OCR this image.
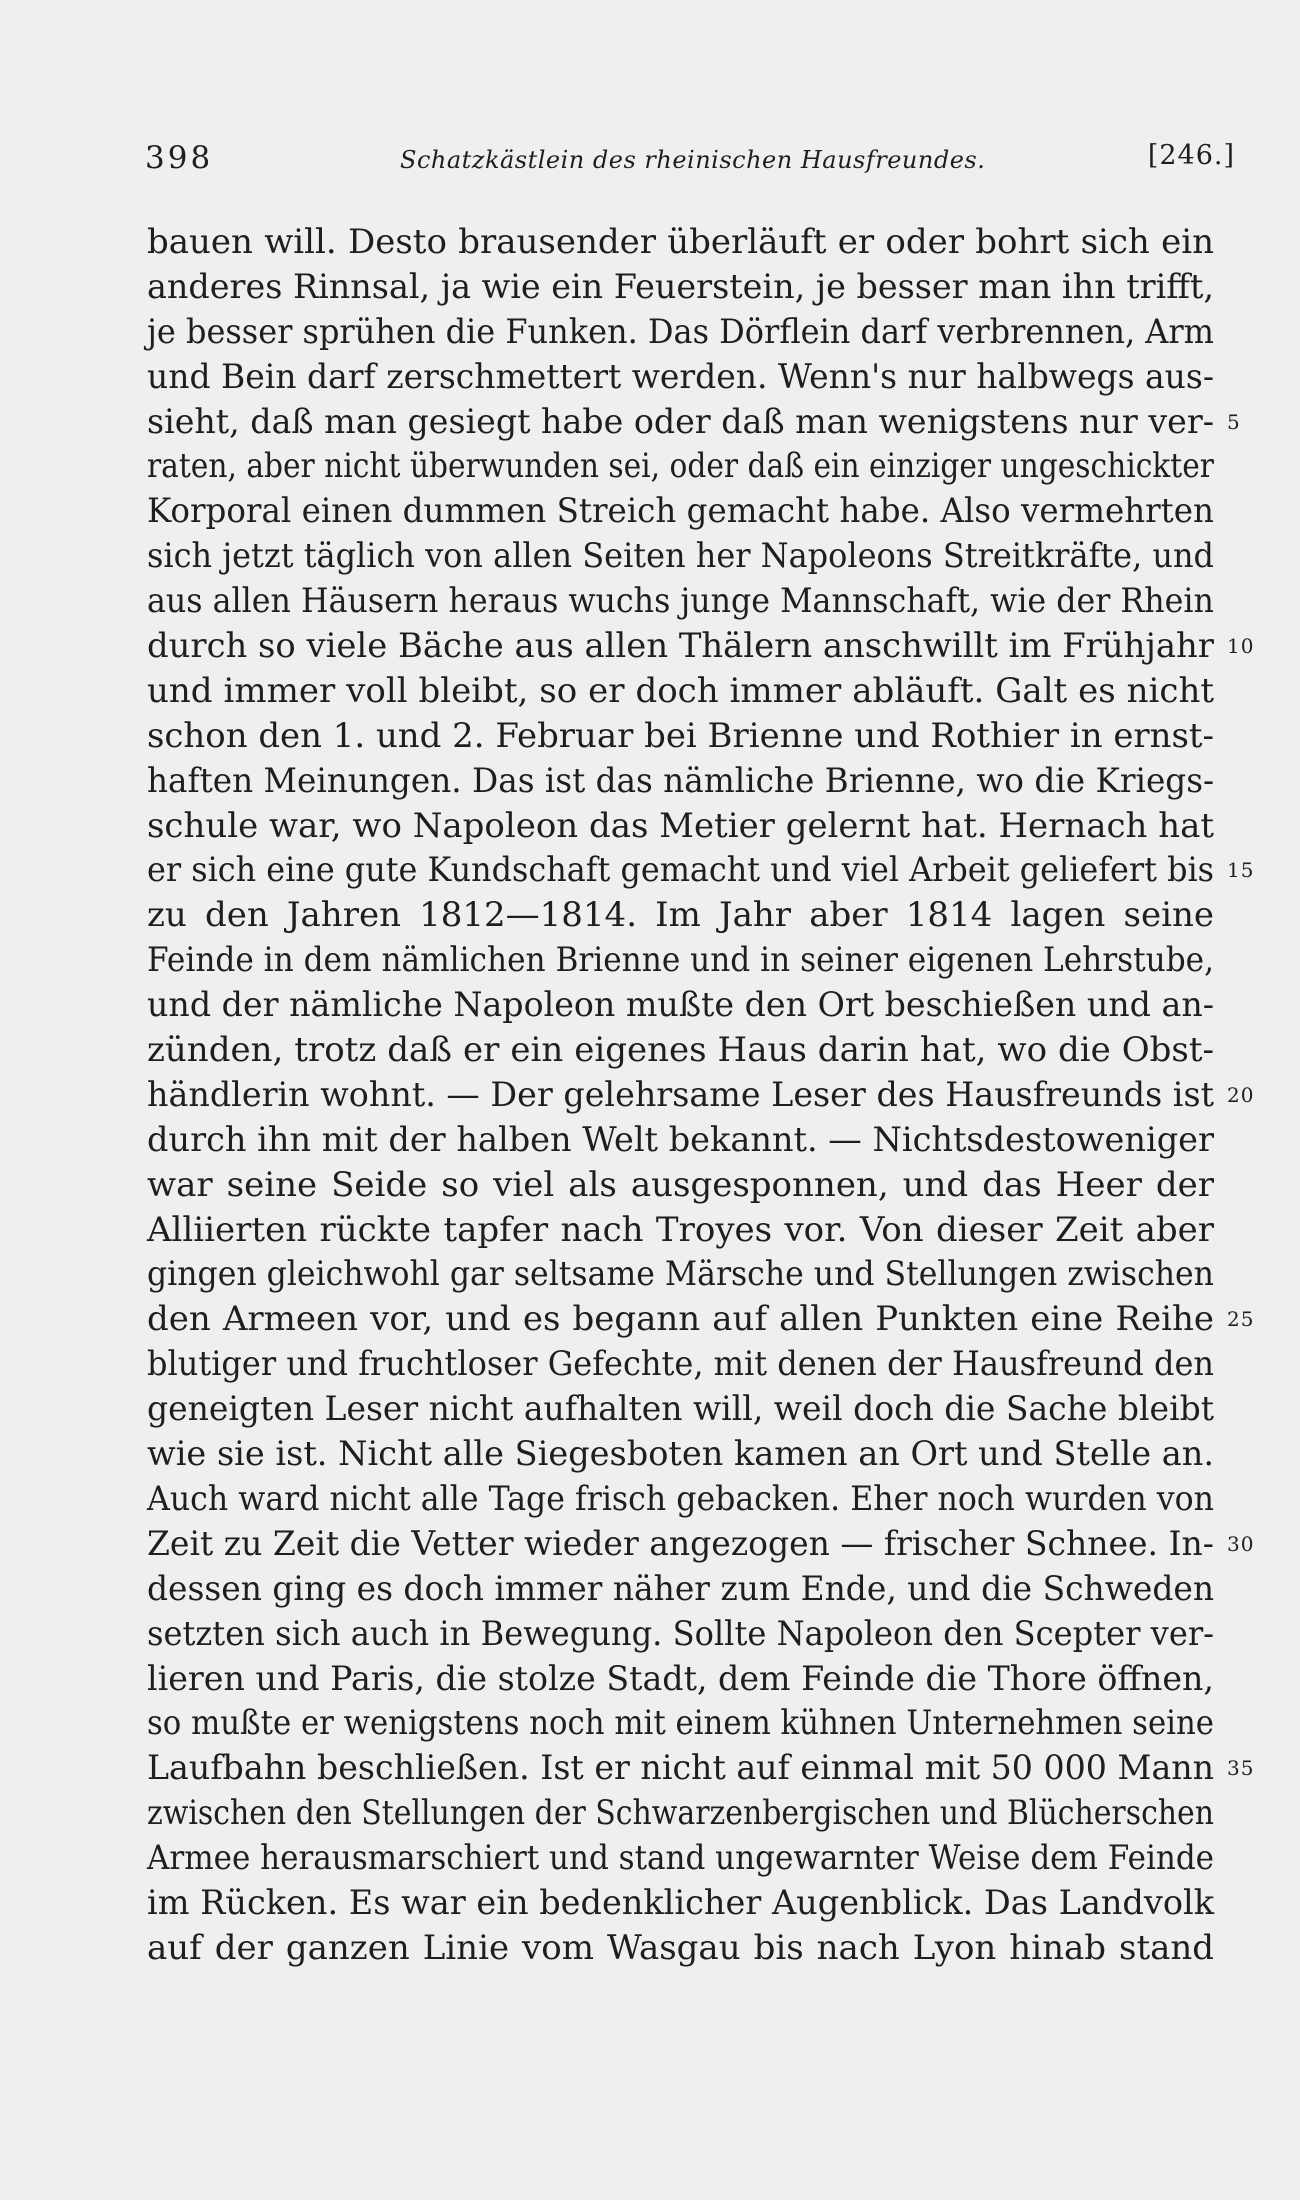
398	Schatzkästlein des rheinischen Hausfreundes.	[246.]
bauen will. Desto brausender überläuft er oder bohrt sich ein
anderes Rinnsal, ja wie ein Feuerstein, je besser man ihn trifft,
je besser sprühen die Funken. Das Dörflein darf verbrennen, Arm
und Bein darf zerschmettert werden. Wenn's nur halbwegs aus-
sieht, daß man gesiegt habe oder daß man wenigstens nur ver- 5
raten, aber nicht überwunden sei, oder daß ein einziger ungeschickter
Korporal einen dummen Streich gemacht habe. Also vermehrten
sich jetzt täglich von allen Seiten her Napoleons Streitkräfte, und
aus allen Häusern heraus wuchs junge Mannschaft, wie der Rhein
durch so viele Bäche aus allen Thälern anschwillt im Frühjahr 10
und immer voll bleibt, so er doch immer abläuft. Galt es nicht
schon den 1. und 2. Februar bei Brienne und Rothier in ernst-
haften Meinungen. Das ist das nämliche Brienne, wo die Kriegs-
schule war, wo Napoleon das Metier gelernt hat. Hernach hat
er sich eine gute Kundschaft gemacht und viel Arbeit geliefert bis 15
zu den Jahren 1812—1814. Im Jahr aber 1814 lagen seine
Feinde in dem nämlichen Brienne und in seiner eigenen Lehrstube,
und der nämliche Napoleon mußte den Ort beschießen und an-
zünden, trotz daß er ein eigenes Haus darin hat, wo die Obst-
händlerin wohnt. — Der gelehrsame Leser des Hausfreunds ist 20
durch ihn mit der halben Welt bekannt. — Nichtsdestoweniger
war seine Seide so viel als ausgesponnen, und das Heer der
Alliierten rückte tapfer nach Troyes vor. Von dieser Zeit aber
gingen gleichwohl gar seltsame Märsche und Stellungen zwischen
den Armeen vor, und es begann auf allen Punkten eine Reihe 25
blutiger und fruchtloser Gefechte, mit denen der Hausfreund den
geneigten Leser nicht aufhalten will, weil doch die Sache bleibt
wie sie ist. Nicht alle Siegesboten kamen an Ort und Stelle an.
Auch ward nicht alle Tage frisch gebacken. Eher noch wurden von
Zeit zu Zeit die Vetter wieder angezogen — frischer Schnee. In- 30
dessen ging es doch immer näher zum Ende, und die Schweden
setzten sich auch in Bewegung. Sollte Napoleon den Scepter ver-
lieren und Paris, die stolze Stadt, dem Feinde die Thore öffnen,
so mußte er wenigstens noch mit einem kühnen Unternehmen seine
Laufbahn beschließen. Ist er nicht auf einmal mit 50 000 Mann 35
zwischen den Stellungen der Schwarzenbergischen und Blücherschen
Armee herausmarschiert und stand ungewarnter Weise dem Feinde
im Rücken. Es war ein bedenklicher Augenblick. Das Landvolk
auf der ganzen Linie vom Wasgau bis nach Lyon hinab stand
